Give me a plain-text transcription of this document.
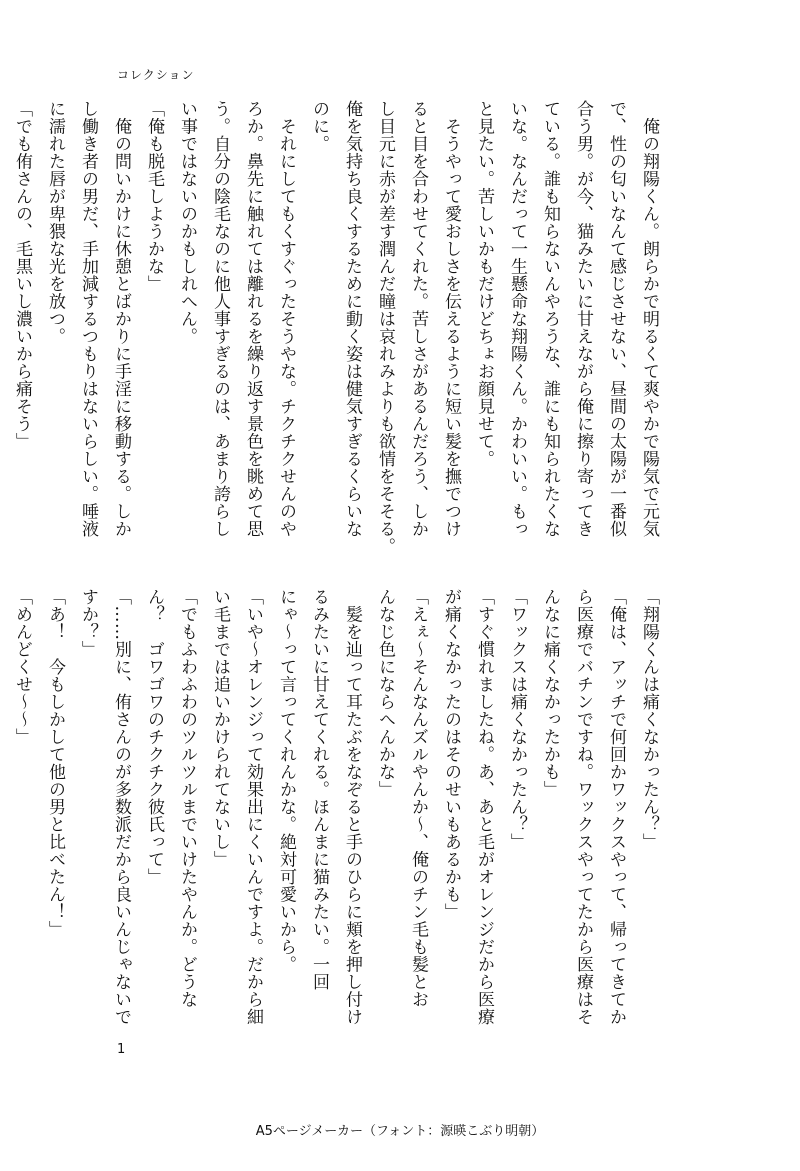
コレクション
　俺の翔陽くん。朗らかで明るくて爽やかで陽気で元気
で、性の匂いなんて感じさせない、昼間の太陽が一番似
合う男。が今、猫みたいに甘えながら俺に擦り寄ってき
ている。誰も知らないんやろうな、誰にも知られたくな
いな。なんだって一生懸命な翔陽くん。かわいい。もっ
と見たい。苦しいかもだけどちょお顔見せて。
　そうやって愛おしさを伝えるように短い髪を撫でつけ
ると目を合わせてくれた。苦しさがあるんだろう、しか
し目元に赤が差す潤んだ瞳は哀れみよりも欲情をそそる。
俺を気持ち良くするために動く姿は健気すぎるくらいな
のに。
　それにしてもくすぐったそうやな。チクチクせんのや
ろか。鼻先に触れては離れるを繰り返す景色を眺めて思
う。自分の陰毛なのに他人事すぎるのは、あまり誇らし
い事ではないのかもしれへん。
「俺も脱毛しようかな」
　俺の問いかけに休憩とばかりに手淫に移動する。しか
し働き者の男だ、手加減するつもりはないらしい。唾液
に濡れた唇が卑猥な光を放つ。
「でも侑さんの、毛黒いし濃いから痛そう」
「翔陽くんは痛くなかったん？」
「俺は、アッチで何回かワックスやって、帰ってきてか
ら医療でバチンですね。ワックスやってたから医療はそ
んなに痛くなかったかも」
「ワックスは痛くなかったん？」
「すぐ慣れましたね。あ、あと毛がオレンジだから医療
が痛くなかったのはそのせいもあるかも」
「えぇ～そんなんズルやんか～、俺のチン毛も髪とお
んなじ色にならへんかな」
　髪を辿って耳たぶをなぞると手のひらに頬を押し付け
るみたいに甘えてくれる。ほんまに猫みたい。一回
にゃ～って言ってくれんかな。絶対可愛いから。
「いや～オレンジって効果出にくいんですよ。だから細
い毛までは追いかけられてないし」
「でもふわふわのツルツルまでいけたやんか。どうな
ん？　ゴワゴワのチクチク彼氏って」
「……別に、侑さんのが多数派だから良いんじゃないで
すか？」
「あ！　今もしかして他の男と比べたん！」
「めんどくせ～～」
1
A5ページメーカー（フォント：源暎こぶり明朝）
